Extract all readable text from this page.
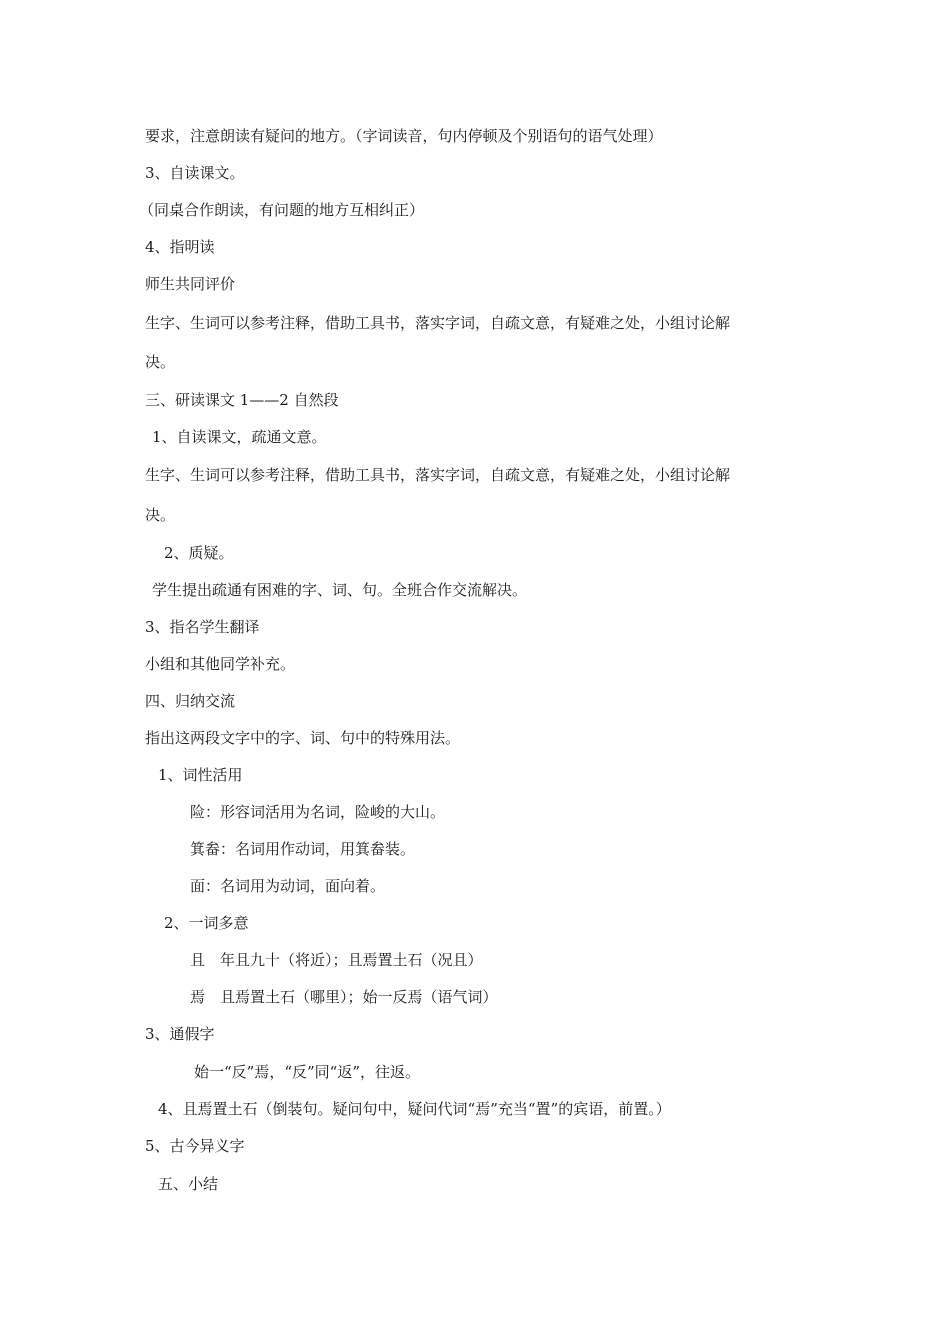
要求，注意朗读有疑问的地方。（字词读音，句内停顿及个别语句的语气处理）
3、自读课文。
（同桌合作朗读，有问题的地方互相纠正）
4、指明读
师生共同评价
生字、生词可以参考注释，借助工具书，落实字词，自疏文意，有疑难之处，小组讨论解
决。
三、研读课文 1——2 自然段
1、自读课文，疏通文意。
生字、生词可以参考注释，借助工具书，落实字词，自疏文意，有疑难之处，小组讨论解
决。
2、质疑。
学生提出疏通有困难的字、词、句。全班合作交流解决。
3、指名学生翻译
小组和其他同学补充。
四、归纳交流
指出这两段文字中的字、词、句中的特殊用法。
1、词性活用
险：形容词活用为名词，险峻的大山。
箕畚：名词用作动词，用箕畚装。
面：名词用为动词，面向着。
2、一词多意
且　年且九十（将近）；且焉置土石（况且）
焉　且焉置土石（哪里）；始一反焉（语气词）
3、通假字
始一“反”焉，“反”同“返”，往返。
4、且焉置土石（倒装句。疑问句中，疑问代词“焉”充当“置”的宾语，前置。）
5、古今异义字
五、小结
